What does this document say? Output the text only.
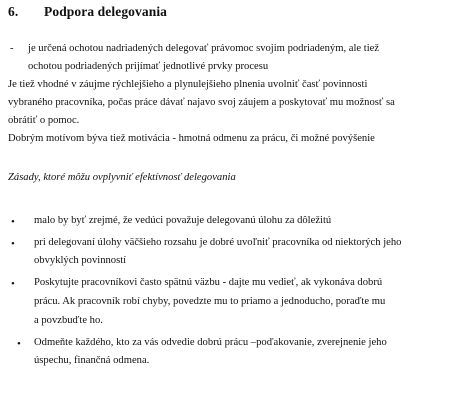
6. Podpora delegovania
- je určená ochotou nadriadených delegovať právomoc svojim podriadeným, ale tiež
ochotou podriadených prijímať jednotlivé prvky procesu
Je tiež vhodné v záujme rýchlejšieho a plynulejšieho plnenia uvolniť časť povinnosti
vybraného pracovníka, počas práce dávať najavo svoj záujem a poskytovať mu možnosť sa
obrátiť o pomoc.
Dobrým motívom býva tiež motivácia - hmotná odmenu za prácu, či možné povýšenie
Zásady, ktoré môžu ovplyvniť efektívnosť delegovania
• malo by byť zrejmé, že vedúci považuje delegovanú úlohu za dôležitú
• pri delegovaní úlohy väčšieho rozsahu je dobré uvoľniť pracovníka od niektorých jeho
obvyklých povinností
• Poskytujte pracovníkovi často spätnú väzbu - dajte mu vedieť, ak vykonáva dobrú
prácu. Ak pracovník robí chyby, povedzte mu to priamo a jednoducho, poraďte mu
a povzbuďte ho.
• Odmeňte každého, kto za vás odvedie dobrú prácu –poďakovanie, zverejnenie jeho
úspechu, finančná odmena.
